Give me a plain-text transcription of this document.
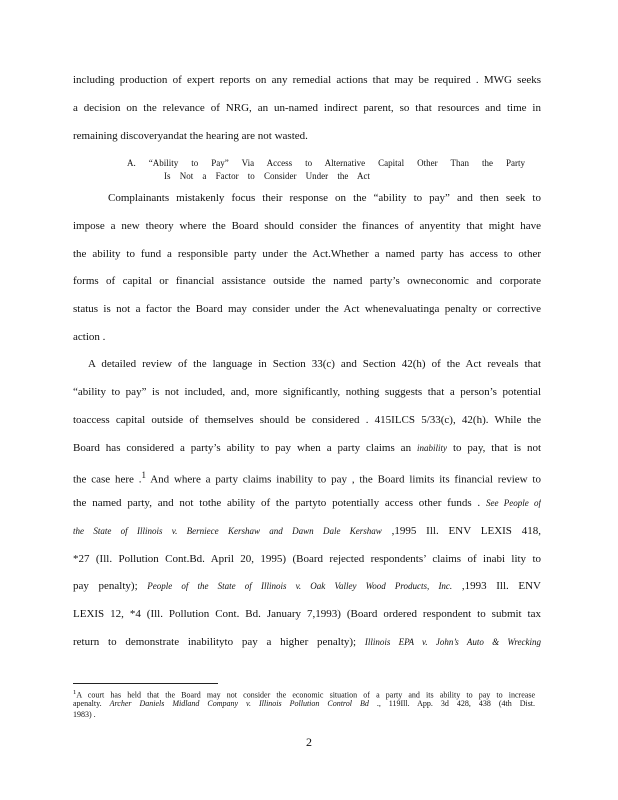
including production of expert reports on any remedial actions that may be required . MWG seeks
a decision on the relevance of NRG, an un-named indirect parent, so that resources and time in
remaining discoveryandat the hearing are not wasted.
A. “Ability to Pay” Via Access to Alternative Capital Other Than the Party
Is Not a Factor to Consider Under the Act
Complainants mistakenly focus their response on the “ability to pay” and then seek to
impose a new theory where the Board should consider the finances of anyentity that might have
the ability to fund a responsible party under the Act.Whether a named party has access to other
forms of capital or financial assistance outside the named party’s owneconomic and corporate
status is not a factor the Board may consider under the Act whenevaluatinga penalty or corrective
action .
A detailed review of the language in Section 33(c) and Section 42(h) of the Act reveals that
“ability to pay” is not included, and, more significantly, nothing suggests that a person’s potential
toaccess capital outside of themselves should be considered . 415ILCS 5/33(c), 42(h). While the
Board has considered a party’s ability to pay when a party claims an inability to pay, that is not
the case here .$^1$ And where a party claims inability to pay , the Board limits its financial review to
the named party, and not tothe ability of the partyto potentially access other funds . See People of
the State of Illinois v. Berniece Kershaw and Dawn Dale Kershaw ,1995 Ill. ENV LEXIS 418,
*27 (Ill. Pollution Cont.Bd. April 20, 1995) (Board rejected respondents’ claims of inabi lity to
pay penalty); People of the State of Illinois v. Oak Valley Wood Products, Inc. ,1993 Ill. ENV
LEXIS 12, *4 (Ill. Pollution Cont. Bd. January 7,1993) (Board ordered respondent to submit tax
return to demonstrate inabilityto pay a higher penalty); Illinois EPA v. John’s Auto & Wrecking
$^1$A court has held that the Board may not consider the economic situation of a party and its ability to pay to increase
apenalty. Archer Daniels Midland Company v. Illinois Pollution Control Bd ., 119Ill. App. 3d 428, 438 (4th Dist.
1983) .
2
